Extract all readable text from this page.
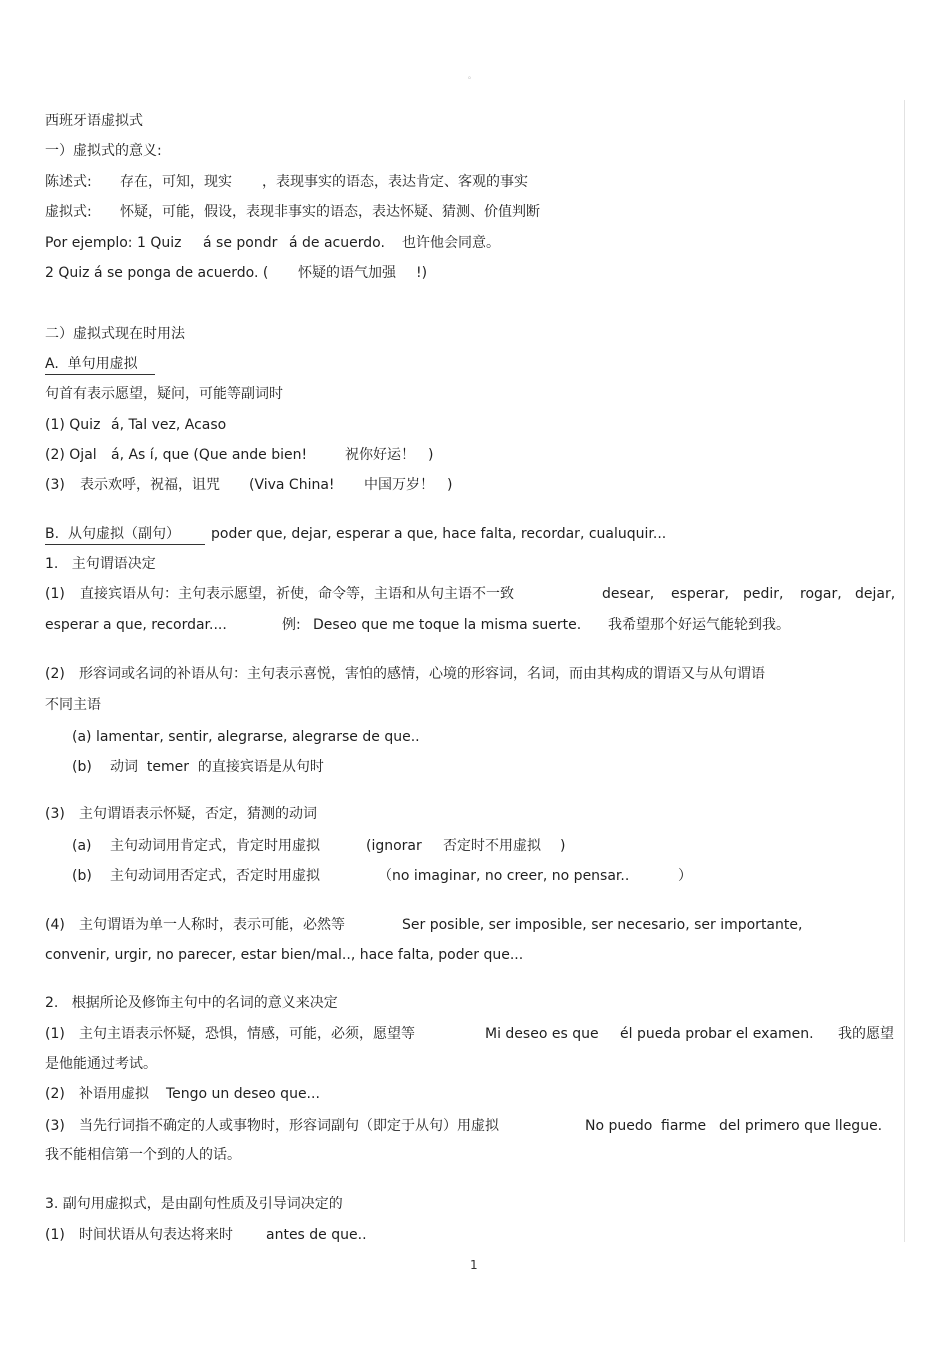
。
西班牙语虚拟式
一）虚拟式的意义:
陈述式: 存在，可知，现实 ，表现事实的语态，表达肯定、客观的事实
虚拟式: 怀疑，可能，假设，表现非事实的语态，表达怀疑、猜测、价值判断
Por ejemplo: 1 Quiz á se pondr á de acuerdo. 也许他会同意。
2 Quiz á se ponga de acuerdo. ( 怀疑的语气加强 !)
二）虚拟式现在时用法
A.  单句用虚拟
句首有表示愿望，疑问，可能等副词时
(1) Quiz á, Tal vez, Acaso
(2) Ojal á, As í, que (Que ande bien!	祝你好运！ )
(3) 表示欢呼，祝福，诅咒 (Viva China! 中国万岁！ )
B.  从句虚拟（副句）	poder que, dejar, esperar a que, hace falta, recordar, cualuquir...
1.   主句谓语决定
(1) 直接宾语从句：主句表示愿望，祈使，命令等，主语和从句主语不一致	desear, esperar, pedir, rogar, dejar,
esperar a que, recordar....	例: Deseo que me toque la misma suerte. 我希望那个好运气能轮到我。
(2) 形容词或名词的补语从句：主句表示喜悦，害怕的感情，心境的形容词，名词，而由其构成的谓语又与从句谓语
不同主语
(a) lamentar, sentir, alegrarse, alegrarse de que..
(b) 动词  temer  的直接宾语是从句时
(3) 主句谓语表示怀疑，否定，猜测的动词
(a) 主句动词用肯定式，肯定时用虚拟	(ignorar 否定时不用虚拟 )
(b) 主句动词用否定式，否定时用虚拟	（no imaginar, no creer, no pensar..	）
(4) 主句谓语为单一人称时，表示可能，必然等	Ser posible, ser imposible, ser necesario, ser importante,
convenir, urgir, no parecer, estar bien/mal.., hace falta, poder que...
2.   根据所论及修饰主句中的名词的意义来决定
(1) 主句主语表示怀疑，恐惧，情感，可能，必须，愿望等	Mi deseo es que él pueda probar el examen. 我的愿望
是他能通过考试。
(2) 补语用虚拟 Tengo un deseo que...
(3) 当先行词指不确定的人或事物时，形容词副句（即定于从句）用虚拟	No puedo fiarme del primero que llegue.
我不能相信第一个到的人的话。
3. 副句用虚拟式，是由副句性质及引导词决定的
(1) 时间状语从句表达将来时 antes de que..
1
